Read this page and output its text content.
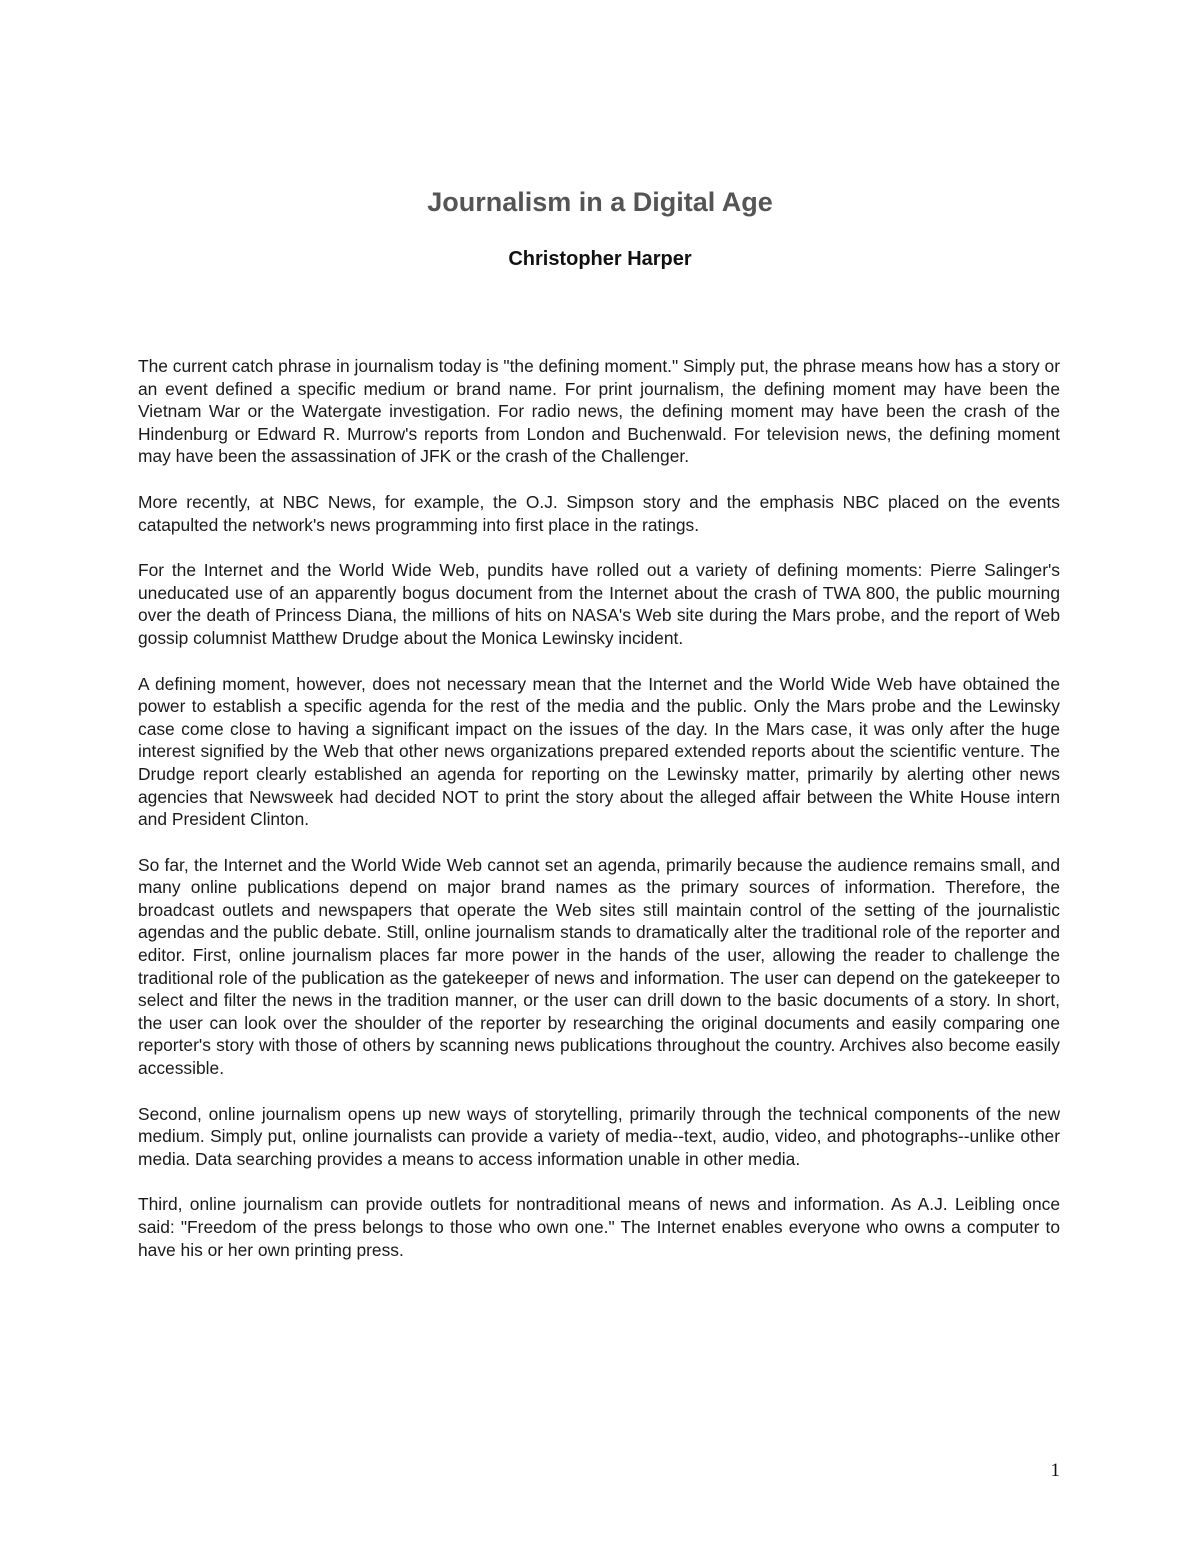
Journalism in a Digital Age
Christopher Harper

The current catch phrase in journalism today is "the defining moment." Simply put, the phrase means how has a story or an event defined a specific medium or brand name. For print journalism, the defining moment may have been the Vietnam War or the Watergate investigation. For radio news, the defining moment may have been the crash of the Hindenburg or Edward R. Murrow's reports from London and Buchenwald. For television news, the defining moment may have been the assassination of JFK or the crash of the Challenger.

More recently, at NBC News, for example, the O.J. Simpson story and the emphasis NBC placed on the events catapulted the network's news programming into first place in the ratings.

For the Internet and the World Wide Web, pundits have rolled out a variety of defining moments: Pierre Salinger's uneducated use of an apparently bogus document from the Internet about the crash of TWA 800, the public mourning over the death of Princess Diana, the millions of hits on NASA's Web site during the Mars probe, and the report of Web gossip columnist Matthew Drudge about the Monica Lewinsky incident.

A defining moment, however, does not necessary mean that the Internet and the World Wide Web have obtained the power to establish a specific agenda for the rest of the media and the public. Only the Mars probe and the Lewinsky case come close to having a significant impact on the issues of the day. In the Mars case, it was only after the huge interest signified by the Web that other news organizations prepared extended reports about the scientific venture. The Drudge report clearly established an agenda for reporting on the Lewinsky matter, primarily by alerting other news agencies that Newsweek had decided NOT to print the story about the alleged affair between the White House intern and President Clinton.

So far, the Internet and the World Wide Web cannot set an agenda, primarily because the audience remains small, and many online publications depend on major brand names as the primary sources of information. Therefore, the broadcast outlets and newspapers that operate the Web sites still maintain control of the setting of the journalistic agendas and the public debate. Still, online journalism stands to dramatically alter the traditional role of the reporter and editor. First, online journalism places far more power in the hands of the user, allowing the reader to challenge the traditional role of the publication as the gatekeeper of news and information. The user can depend on the gatekeeper to select and filter the news in the tradition manner, or the user can drill down to the basic documents of a story. In short, the user can look over the shoulder of the reporter by researching the original documents and easily comparing one reporter's story with those of others by scanning news publications throughout the country. Archives also become easily accessible.

Second, online journalism opens up new ways of storytelling, primarily through the technical components of the new medium. Simply put, online journalists can provide a variety of media--text, audio, video, and photographs--unlike other media. Data searching provides a means to access information unable in other media.

Third, online journalism can provide outlets for nontraditional means of news and information. As A.J. Leibling once said: "Freedom of the press belongs to those who own one." The Internet enables everyone who owns a computer to have his or her own printing press.

1
